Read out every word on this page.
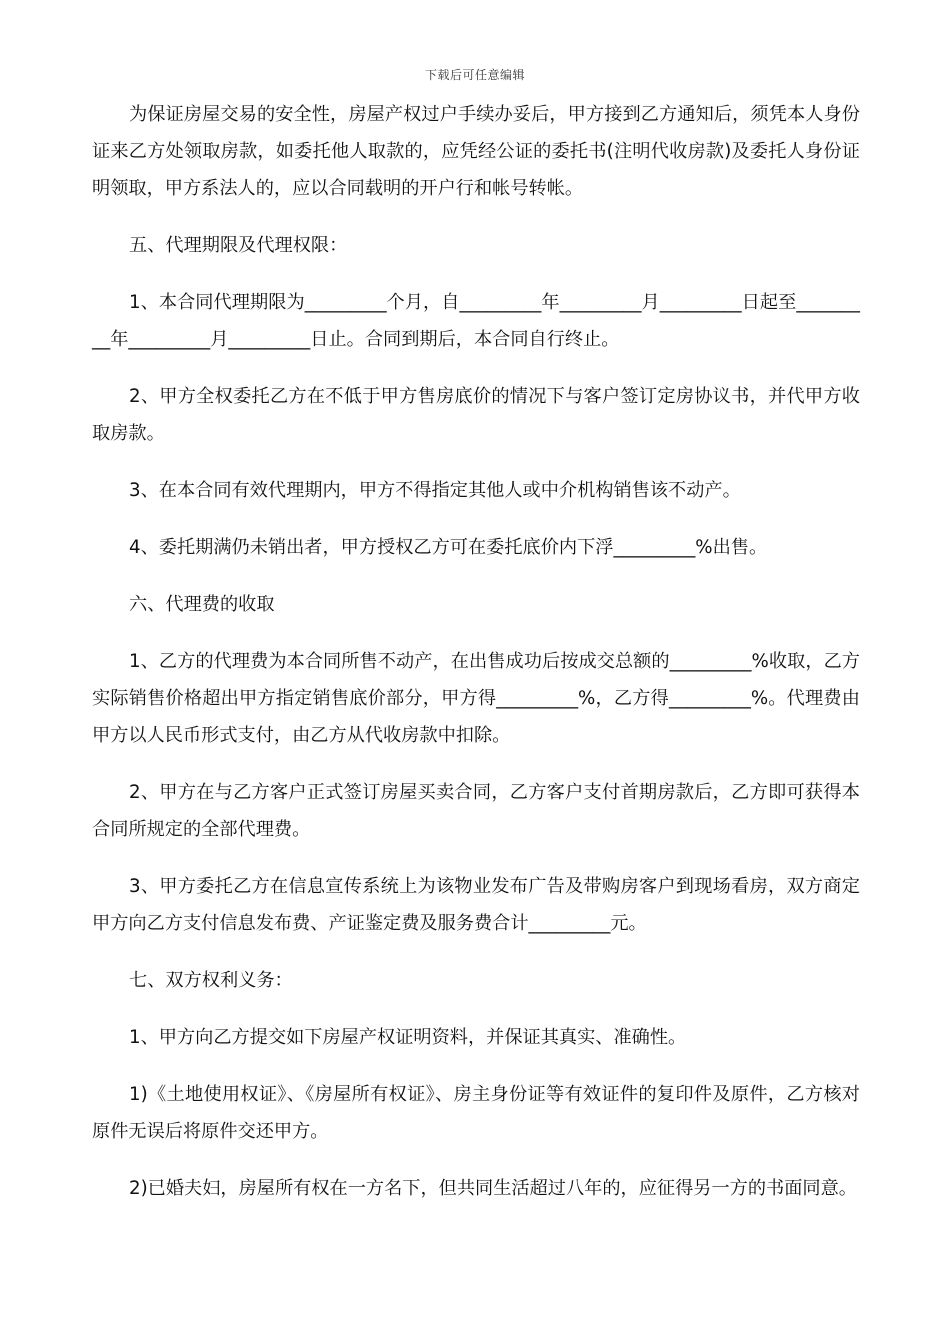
下载后可任意编辑

为保证房屋交易的安全性，房屋产权过户手续办妥后，甲方接到乙方通知后，须凭本人身份证来乙方处领取房款，如委托他人取款的，应凭经公证的委托书(注明代收房款)及委托人身份证明领取，甲方系法人的，应以合同载明的开户行和帐号转帐。

五、代理期限及代理权限：

1、本合同代理期限为_________个月，自_________年_________月_________日起至_________年_________月_________日止。合同到期后，本合同自行终止。

2、甲方全权委托乙方在不低于甲方售房底价的情况下与客户签订定房协议书，并代甲方收取房款。

3、在本合同有效代理期内，甲方不得指定其他人或中介机构销售该不动产。

4、委托期满仍未销出者，甲方授权乙方可在委托底价内下浮_________%出售。

六、代理费的收取

1、乙方的代理费为本合同所售不动产，在出售成功后按成交总额的_________%收取，乙方实际销售价格超出甲方指定销售底价部分，甲方得_________%，乙方得_________%。代理费由甲方以人民币形式支付，由乙方从代收房款中扣除。

2、甲方在与乙方客户正式签订房屋买卖合同，乙方客户支付首期房款后，乙方即可获得本合同所规定的全部代理费。

3、甲方委托乙方在信息宣传系统上为该物业发布广告及带购房客户到现场看房，双方商定甲方向乙方支付信息发布费、产证鉴定费及服务费合计_________元。

七、双方权利义务：

1、甲方向乙方提交如下房屋产权证明资料，并保证其真实、准确性。

1)《土地使用权证》、《房屋所有权证》、房主身份证等有效证件的复印件及原件，乙方核对原件无误后将原件交还甲方。

2)已婚夫妇，房屋所有权在一方名下，但共同生活超过八年的，应征得另一方的书面同意。
